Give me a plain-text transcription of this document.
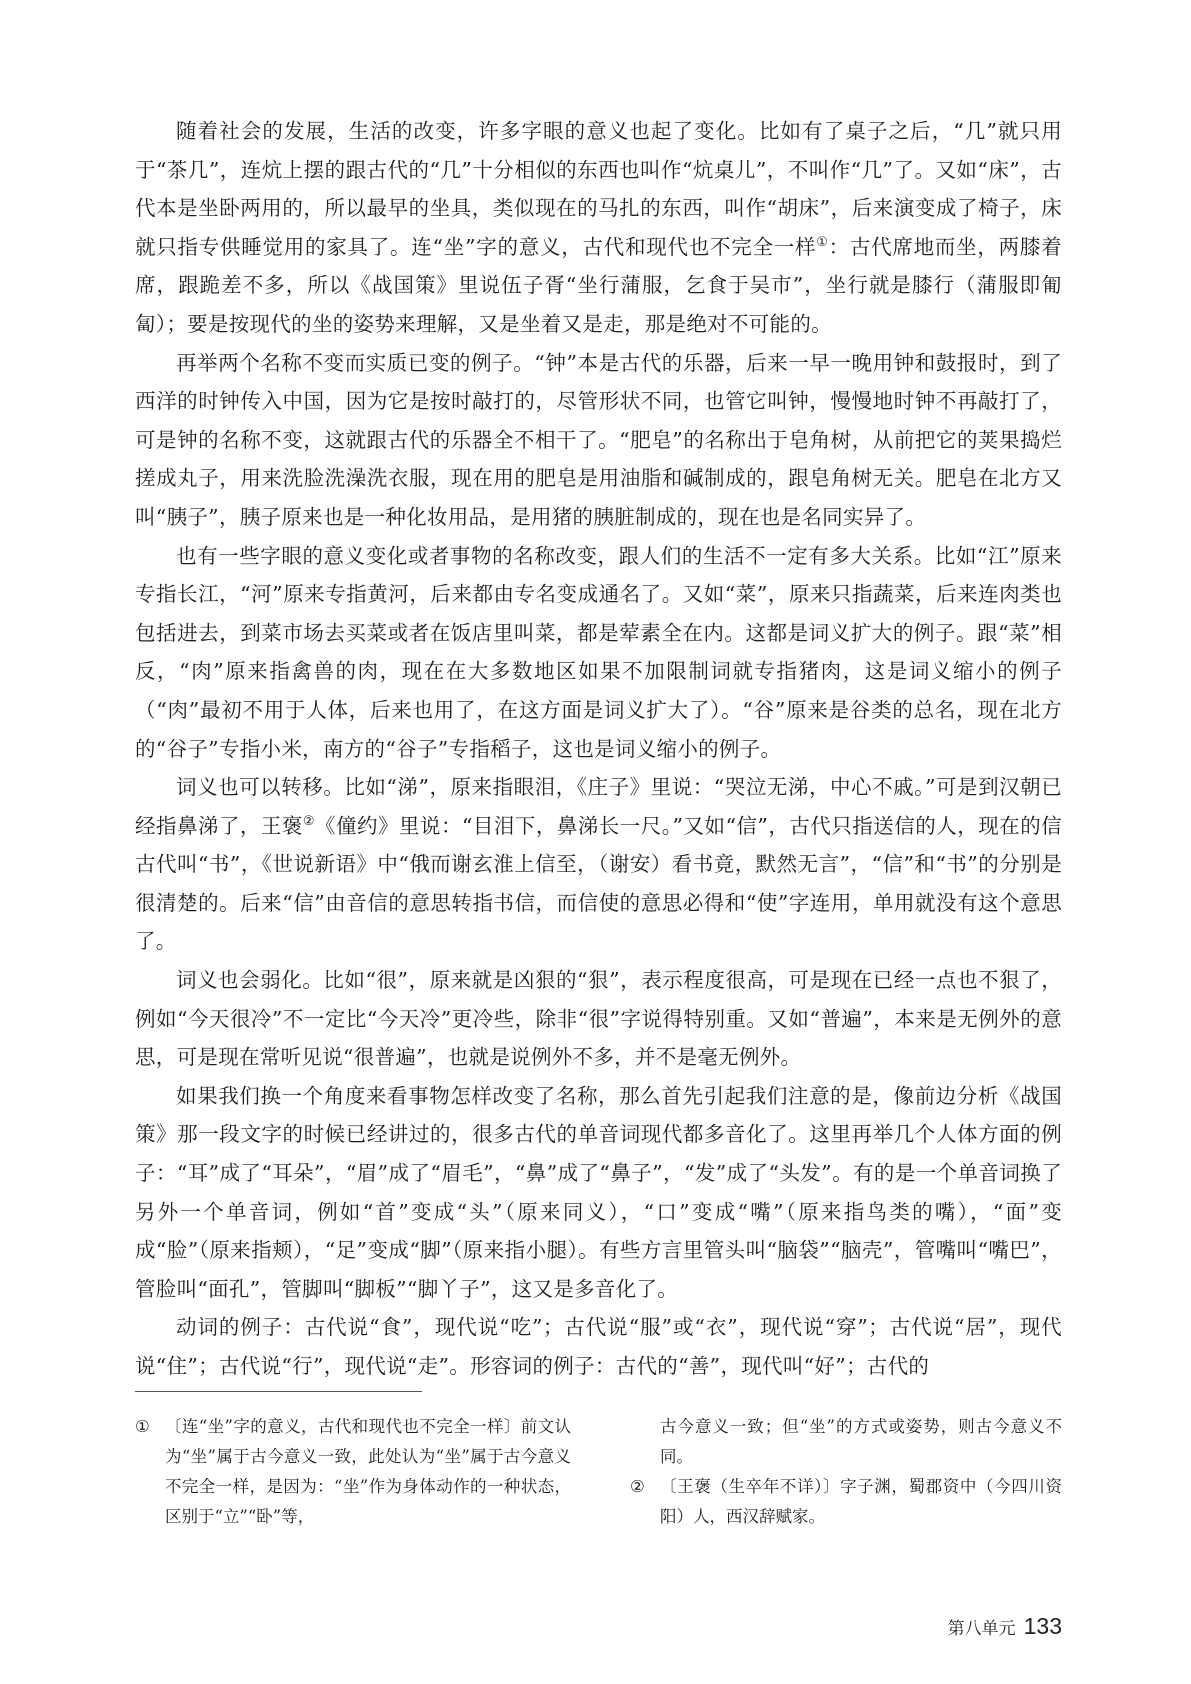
随着社会的发展，生活的改变，许多字眼的意义也起了变化。比如有了桌子之后，“几”就只用于“茶几”，连炕上摆的跟古代的“几”十分相似的东西也叫作“炕桌儿”，不叫作“几”了。又如“床”，古代本是坐卧两用的，所以最早的坐具，类似现在的马扎的东西，叫作“胡床”，后来演变成了椅子，床就只指专供睡觉用的家具了。连“坐”字的意义，古代和现代也不完全一样①：古代席地而坐，两膝着席，跟跪差不多，所以《战国策》里说伍子胥“坐行蒲服，乞食于吴市”，坐行就是膝行（蒲服即匍匐）；要是按现代的坐的姿势来理解，又是坐着又是走，那是绝对不可能的。

再举两个名称不变而实质已变的例子。“钟”本是古代的乐器，后来一早一晚用钟和鼓报时，到了西洋的时钟传入中国，因为它是按时敲打的，尽管形状不同，也管它叫钟，慢慢地时钟不再敲打了，可是钟的名称不变，这就跟古代的乐器全不相干了。“肥皂”的名称出于皂角树，从前把它的荚果捣烂搓成丸子，用来洗脸洗澡洗衣服，现在用的肥皂是用油脂和碱制成的，跟皂角树无关。肥皂在北方又叫“胰子”，胰子原来也是一种化妆用品，是用猪的胰脏制成的，现在也是名同实异了。

也有一些字眼的意义变化或者事物的名称改变，跟人们的生活不一定有多大关系。比如“江”原来专指长江，“河”原来专指黄河，后来都由专名变成通名了。又如“菜”，原来只指蔬菜，后来连肉类也包括进去，到菜市场去买菜或者在饭店里叫菜，都是荤素全在内。这都是词义扩大的例子。跟“菜”相反，“肉”原来指禽兽的肉，现在在大多数地区如果不加限制词就专指猪肉，这是词义缩小的例子（“肉”最初不用于人体，后来也用了，在这方面是词义扩大了）。“谷”原来是谷类的总名，现在北方的“谷子”专指小米，南方的“谷子”专指稻子，这也是词义缩小的例子。

词义也可以转移。比如“涕”，原来指眼泪，《庄子》里说：“哭泣无涕，中心不戚。”可是到汉朝已经指鼻涕了，王褒②《僮约》里说：“目泪下，鼻涕长一尺。”又如“信”，古代只指送信的人，现在的信古代叫“书”，《世说新语》中“俄而谢玄淮上信至，（谢安）看书竟，默然无言”，“信”和“书”的分别是很清楚的。后来“信”由音信的意思转指书信，而信使的意思必得和“使”字连用，单用就没有这个意思了。

词义也会弱化。比如“很”，原来就是凶狠的“狠”，表示程度很高，可是现在已经一点也不狠了，例如“今天很冷”不一定比“今天冷”更冷些，除非“很”字说得特别重。又如“普遍”，本来是无例外的意思，可是现在常听见说“很普遍”，也就是说例外不多，并不是毫无例外。

如果我们换一个角度来看事物怎样改变了名称，那么首先引起我们注意的是，像前边分析《战国策》那一段文字的时候已经讲过的，很多古代的单音词现代都多音化了。这里再举几个人体方面的例子：“耳”成了“耳朵”，“眉”成了“眉毛”，“鼻”成了“鼻子”，“发”成了“头发”。有的是一个单音词换了另外一个单音词，例如“首”变成“头”（原来同义），“口”变成“嘴”（原来指鸟类的嘴），“面”变成“脸”（原来指颊），“足”变成“脚”（原来指小腿）。有些方言里管头叫“脑袋”“脑壳”，管嘴叫“嘴巴”，管脸叫“面孔”，管脚叫“脚板”“脚丫子”，这又是多音化了。

动词的例子：古代说“食”，现代说“吃”；古代说“服”或“衣”，现代说“穿”；古代说“居”，现代说“住”；古代说“行”，现代说“走”。形容词的例子：古代的“善”，现代叫“好”；古代的

① 〔连“坐”字的意义，古代和现代也不完全一样〕前文认为“坐”属于古今意义一致，此处认为“坐”属于古今意义不完全一样，是因为：“坐”作为身体动作的一种状态，区别于“立”“卧”等，

古今意义一致；但“坐”的方式或姿势，则古今意义不同。

② 〔王褒（生卒年不详）〕字子渊，蜀郡资中（今四川资阳）人，西汉辞赋家。

第八单元 133
